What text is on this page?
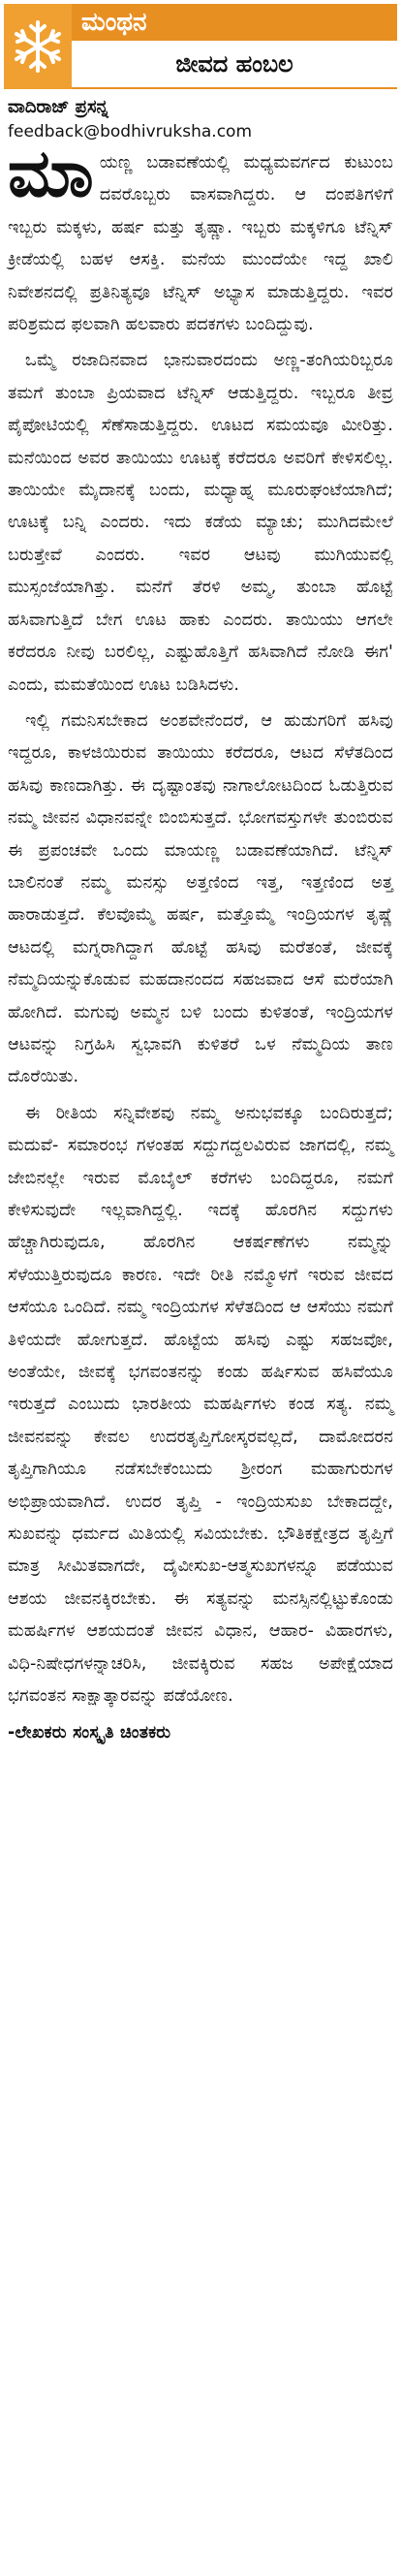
ಮಂಥನ
ಜೀವದ ಹಂಬಲ
ವಾದಿರಾಜ್ ಪ್ರಸನ್ನ
feedback@bodhivruksha.com

ಮಾಯಣ್ಣ ಬಡಾವಣೆಯಲ್ಲಿ ಮಧ್ಯಮವರ್ಗದ ಕುಟುಂಬ ದವರೊಬ್ಬರು ವಾಸವಾಗಿದ್ದರು. ಆ ದಂಪತಿಗಳಿಗೆ ಇಬ್ಬರು ಮಕ್ಕಳು, ಹರ್ಷ ಮತ್ತು ತೃಷ್ಣಾ. ಇಬ್ಬರು ಮಕ್ಕಳಿಗೂ ಟೆನ್ನಿಸ್ ಕ್ರೀಡೆಯಲ್ಲಿ ಬಹಳ ಆಸಕ್ತಿ. ಮನೆಯ ಮುಂದೆಯೇ ಇದ್ದ ಖಾಲಿ ನಿವೇಶನದಲ್ಲಿ ಪ್ರತಿನಿತ್ಯವೂ ಟೆನ್ನಿಸ್ ಅಭ್ಯಾಸ ಮಾಡುತ್ತಿದ್ದರು. ಇವರ ಪರಿಶ್ರಮದ ಫಲವಾಗಿ ಹಲವಾರು ಪದಕಗಳು ಬಂದಿದ್ದುವು.

ಒಮ್ಮೆ ರಜಾದಿನವಾದ ಭಾನುವಾರದಂದು ಅಣ್ಣ-ತಂಗಿಯರಿಬ್ಬರೂ ತಮಗೆ ತುಂಬಾ ಪ್ರಿಯವಾದ ಟೆನ್ನಿಸ್ ಆಡುತ್ತಿದ್ದರು. ಇಬ್ಬರೂ ತೀವ್ರ ಪೈಪೋಟಿಯಲ್ಲಿ ಸೆಣೆಸಾಡುತ್ತಿದ್ದರು. ಊಟದ ಸಮಯವೂ ಮೀರಿತ್ತು. ಮನೆಯಿಂದ ಅವರ ತಾಯಿಯು ಊಟಕ್ಕೆ ಕರೆದರೂ ಅವರಿಗೆ ಕೇಳಿಸಲಿಲ್ಲ. ತಾಯಿಯೇ ಮೈದಾನಕ್ಕೆ ಬಂದು, ಮಧ್ಯಾಹ್ನ ಮೂರುಘಂಟೆಯಾಗಿದೆ; ಊಟಕ್ಕೆ ಬನ್ನಿ ಎಂದರು. ಇದು ಕಡೆಯ ಮ್ಯಾಚು; ಮುಗಿದಮೇಲೆ ಬರುತ್ತೇವೆ ಎಂದರು. ಇವರ ಆಟವು ಮುಗಿಯುವಲ್ಲಿ ಮುಸ್ಸಂಜೆಯಾಗಿತ್ತು. ಮನೆಗೆ ತೆರಳಿ ಅಮ್ಮ, ತುಂಬಾ ಹೊಟ್ಟೆ ಹಸಿವಾಗುತ್ತಿದೆ ಬೇಗ ಊಟ ಹಾಕು ಎಂದರು. ತಾಯಿಯು ಆಗಲೇ ಕರೆದರೂ ನೀವು ಬರಲಿಲ್ಲ, ಎಷ್ಟುಹೊತ್ತಿಗೆ ಹಸಿವಾಗಿದೆ ನೋಡಿ ಈಗ' ಎಂದು, ಮಮತೆಯಿಂದ ಊಟ ಬಡಿಸಿದಳು.

ಇಲ್ಲಿ ಗಮನಿಸಬೇಕಾದ ಅಂಶವೇನೆಂದರೆ, ಆ ಹುಡುಗರಿಗೆ ಹಸಿವು ಇದ್ದರೂ, ಕಾಳಜಿಯಿರುವ ತಾಯಿಯು ಕರೆದರೂ, ಆಟದ ಸೆಳೆತದಿಂದ ಹಸಿವು ಕಾಣದಾಗಿತ್ತು. ಈ ದೃಷ್ಟಾಂತವು ನಾಗಾಲೋಟದಿಂದ ಓಡುತ್ತಿರುವ ನಮ್ಮ ಜೀವನ ವಿಧಾನವನ್ನೇ ಬಿಂಬಿಸುತ್ತದೆ. ಭೋಗವಸ್ತುಗಳೇ ತುಂಬಿರುವ ಈ ಪ್ರಪಂಚವೇ ಒಂದು ಮಾಯಣ್ಣ ಬಡಾವಣೆಯಾಗಿದೆ. ಟೆನ್ನಿಸ್ ಬಾಲಿನಂತೆ ನಮ್ಮ ಮನಸ್ಸು ಅತ್ತಣಿಂದ ಇತ್ತ, ಇತ್ತಣಿಂದ ಅತ್ತ ಹಾರಾಡುತ್ತದೆ. ಕೆಲವೊಮ್ಮೆ ಹರ್ಷ, ಮತ್ತೊಮ್ಮೆ ಇಂದ್ರಿಯಗಳ ತೃಷ್ಣೆ ಆಟದಲ್ಲಿ ಮಗ್ನರಾಗಿದ್ದಾಗ ಹೊಟ್ಟೆ ಹಸಿವು ಮರೆತಂತೆ, ಜೀವಕ್ಕೆ ನೆಮ್ಮದಿಯನ್ನುಕೊಡುವ ಮಹದಾನಂದದ ಸಹಜವಾದ ಆಸೆ ಮರೆಯಾಗಿ ಹೋಗಿದೆ. ಮಗುವು ಅಮ್ಮನ ಬಳಿ ಬಂದು ಕುಳಿತಂತೆ, ಇಂದ್ರಿಯಗಳ ಆಟವನ್ನು ನಿಗ್ರಹಿಸಿ ಸ್ವಭಾವಗಿ ಕುಳಿತರೆ ಒಳ ನೆಮ್ಮದಿಯ ತಾಣ ದೊರೆಯಿತು.

ಈ ರೀತಿಯ ಸನ್ನಿವೇಶವು ನಮ್ಮ ಅನುಭವಕ್ಕೂ ಬಂದಿರುತ್ತದೆ; ಮದುವೆ- ಸಮಾರಂಭ ಗಳಂತಹ ಸದ್ದುಗದ್ದಲವಿರುವ ಜಾಗದಲ್ಲಿ, ನಮ್ಮ ಜೇಬಿನಲ್ಲೇ ಇರುವ ಮೊಬೈಲ್ ಕರೆಗಳು ಬಂದಿದ್ದರೂ, ನಮಗೆ ಕೇಳಿಸುವುದೇ ಇಲ್ಲವಾಗಿದ್ದಲ್ಲಿ. ಇದಕ್ಕೆ ಹೊರಗಿನ ಸದ್ದುಗಳು ಹೆಚ್ಚಾಗಿರುವುದೂ, ಹೊರಗಿನ ಆಕರ್ಷಣೆಗಳು ನಮ್ಮನ್ನು ಸೆಳೆಯುತ್ತಿರುವುದೂ ಕಾರಣ. ಇದೇ ರೀತಿ ನಮ್ಮೊಳಗೆ ಇರುವ ಜೀವದ ಆಸೆಯೂ ಒಂದಿದೆ. ನಮ್ಮ ಇಂದ್ರಿಯಗಳ ಸೆಳೆತದಿಂದ ಆ ಆಸೆಯು ನಮಗೆ ತಿಳಿಯದೇ ಹೋಗುತ್ತದೆ. ಹೊಟ್ಟೆಯ ಹಸಿವು ಎಷ್ಟು ಸಹಜವೋ, ಅಂತೆಯೇ, ಜೀವಕ್ಕೆ ಭಗವಂತನನ್ನು ಕಂಡು ಹರ್ಷಿಸುವ ಹಸಿವೆಯೂ ಇರುತ್ತದೆ ಎಂಬುದು ಭಾರತೀಯ ಮಹರ್ಷಿಗಳು ಕಂಡ ಸತ್ಯ. ನಮ್ಮ ಜೀವನವನ್ನು ಕೇವಲ ಉದರತೃಪ್ತಿಗೋಸ್ಕರವಲ್ಲದೆ, ದಾಮೋದರನ ತೃಪ್ತಿಗಾಗಿಯೂ ನಡೆಸಬೇಕೆಂಬುದು ಶ್ರೀರಂಗ ಮಹಾಗುರುಗಳ ಅಭಿಪ್ರಾಯವಾಗಿದೆ. ಉದರ ತೃಪ್ತಿ - ಇಂದ್ರಿಯಸುಖ ಬೇಕಾದದ್ದೇ, ಸುಖವನ್ನು ಧರ್ಮದ ಮಿತಿಯಲ್ಲಿ ಸವಿಯಬೇಕು. ಭೌತಿಕಕ್ಷೇತ್ರದ ತೃಪ್ತಿಗೆ ಮಾತ್ರ ಸೀಮಿತವಾಗದೇ, ದೈವೀಸುಖ-ಆತ್ಮಸುಖಗಳನ್ನೂ ಪಡೆಯುವ ಆಶಯ ಜೀವನಕ್ಕಿರಬೇಕು. ಈ ಸತ್ಯವನ್ನು ಮನಸ್ಸಿನಲ್ಲಿಟ್ಟುಕೊಂಡು ಮಹರ್ಷಿಗಳ ಆಶಯದಂತೆ ಜೀವನ ವಿಧಾನ, ಆಹಾರ- ವಿಹಾರಗಳು, ವಿಧಿ-ನಿಷೇಧಗಳನ್ನಾಚರಿಸಿ, ಜೀವಕ್ಕಿರುವ ಸಹಜ ಅಪೇಕ್ಷೆಯಾದ ಭಗವಂತನ ಸಾಕ್ಷಾತ್ಕಾರವನ್ನು ಪಡೆಯೋಣ.

-ಲೇಖಕರು ಸಂಸ್ಕೃತಿ ಚಿಂತಕರು
